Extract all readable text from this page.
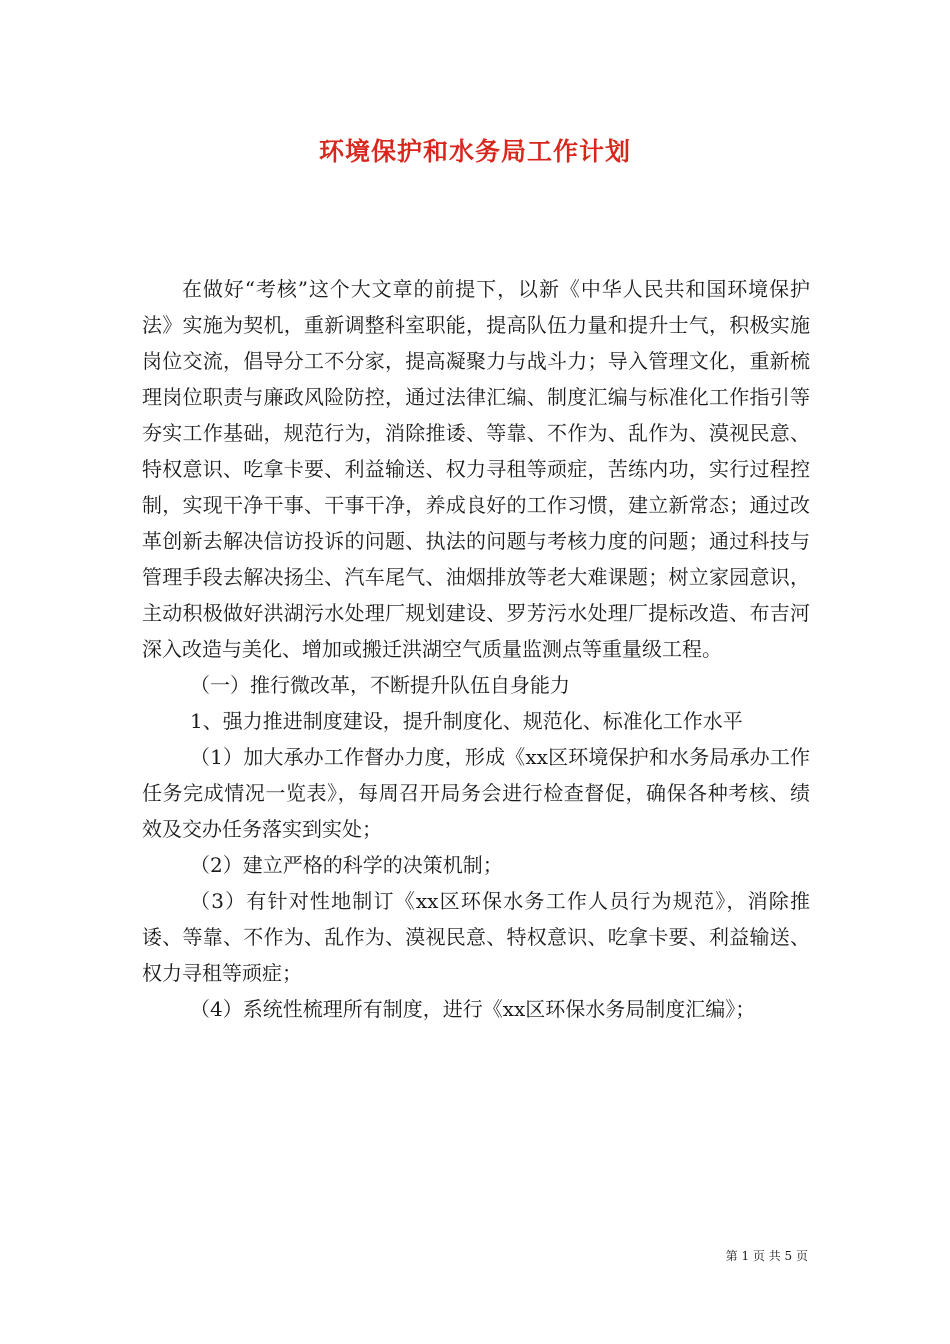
环境保护和水务局工作计划

在做好“考核”这个大文章的前提下，以新《中华人民共和国环境保护法》实施为契机，重新调整科室职能，提高队伍力量和提升士气，积极实施岗位交流，倡导分工不分家，提高凝聚力与战斗力；导入管理文化，重新梳理岗位职责与廉政风险防控，通过法律汇编、制度汇编与标准化工作指引等夯实工作基础，规范行为，消除推诿、等靠、不作为、乱作为、漠视民意、特权意识、吃拿卡要、利益输送、权力寻租等顽症，苦练内功，实行过程控制，实现干净干事、干事干净，养成良好的工作习惯，建立新常态；通过改革创新去解决信访投诉的问题、执法的问题与考核力度的问题；通过科技与管理手段去解决扬尘、汽车尾气、油烟排放等老大难课题；树立家园意识，主动积极做好洪湖污水处理厂规划建设、罗芳污水处理厂提标改造、布吉河深入改造与美化、增加或搬迁洪湖空气质量监测点等重量级工程。

（一）推行微改革，不断提升队伍自身能力

1、强力推进制度建设，提升制度化、规范化、标准化工作水平

（1）加大承办工作督办力度，形成《xx区环境保护和水务局承办工作任务完成情况一览表》，每周召开局务会进行检查督促，确保各种考核、绩效及交办任务落实到实处；

（2）建立严格的科学的决策机制；

（3）有针对性地制订《xx区环保水务工作人员行为规范》，消除推诿、等靠、不作为、乱作为、漠视民意、特权意识、吃拿卡要、利益输送、权力寻租等顽症；

（4）系统性梳理所有制度，进行《xx区环保水务局制度汇编》；

第 1 页 共 5 页
